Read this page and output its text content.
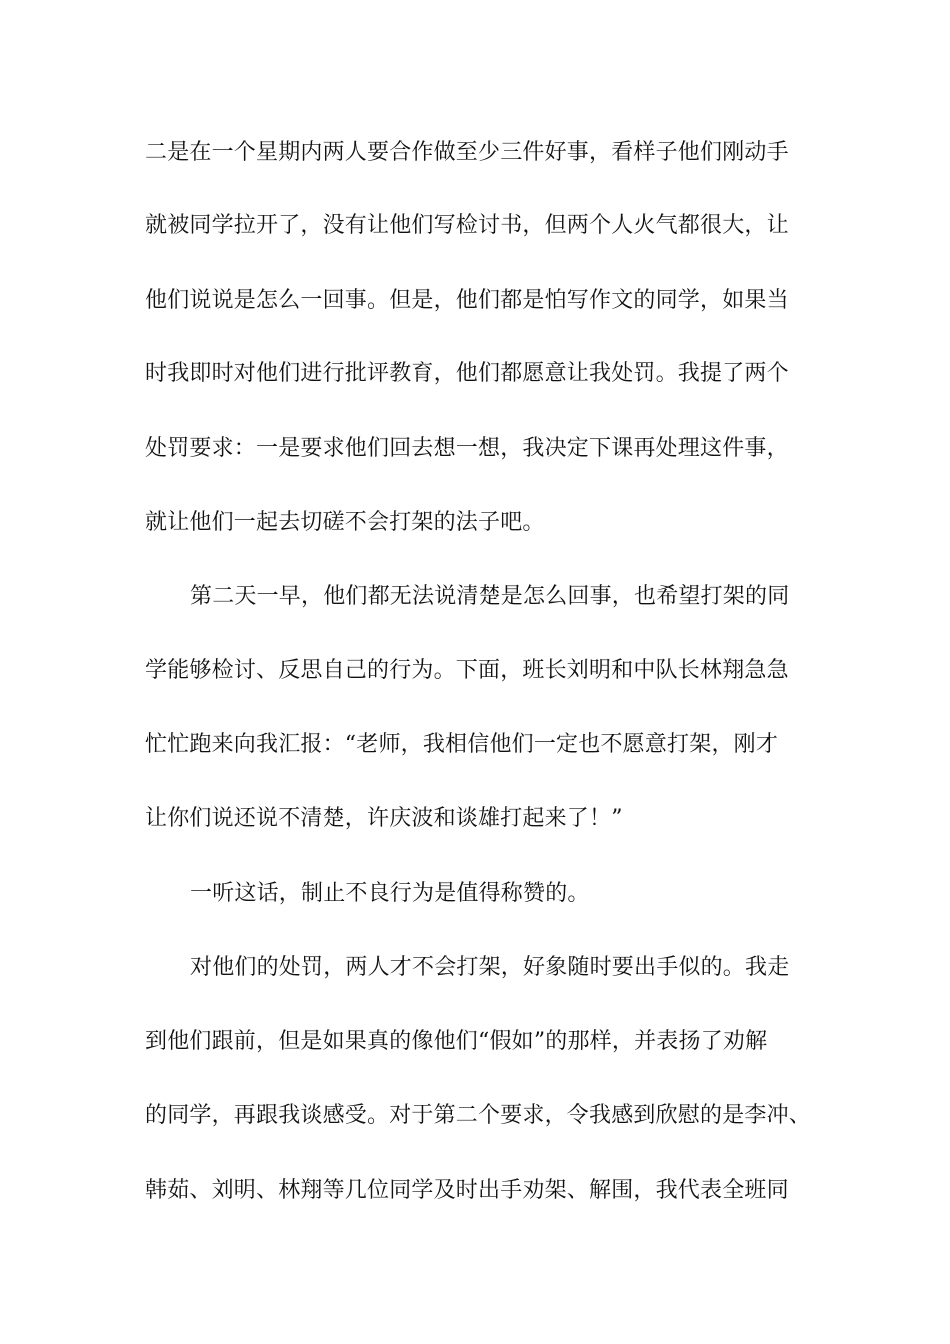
二是在一个星期内两人要合作做至少三件好事，看样子他们刚动手
就被同学拉开了，没有让他们写检讨书，但两个人火气都很大，让
他们说说是怎么一回事。但是，他们都是怕写作文的同学，如果当
时我即时对他们进行批评教育，他们都愿意让我处罚。我提了两个
处罚要求：一是要求他们回去想一想，我决定下课再处理这件事，
就让他们一起去切磋不会打架的法子吧。
第二天一早，他们都无法说清楚是怎么回事，也希望打架的同
学能够检讨、反思自己的行为。下面，班长刘明和中队长林翔急急
忙忙跑来向我汇报：“老师，我相信他们一定也不愿意打架，刚才
让你们说还说不清楚，许庆波和谈雄打起来了！”
一听这话，制止不良行为是值得称赞的。
对他们的处罚，两人才不会打架，好象随时要出手似的。我走
到他们跟前，但是如果真的像他们“假如”的那样，并表扬了劝解
的同学，再跟我谈感受。对于第二个要求，令我感到欣慰的是李冲、
韩茹、刘明、林翔等几位同学及时出手劝架、解围，我代表全班同
